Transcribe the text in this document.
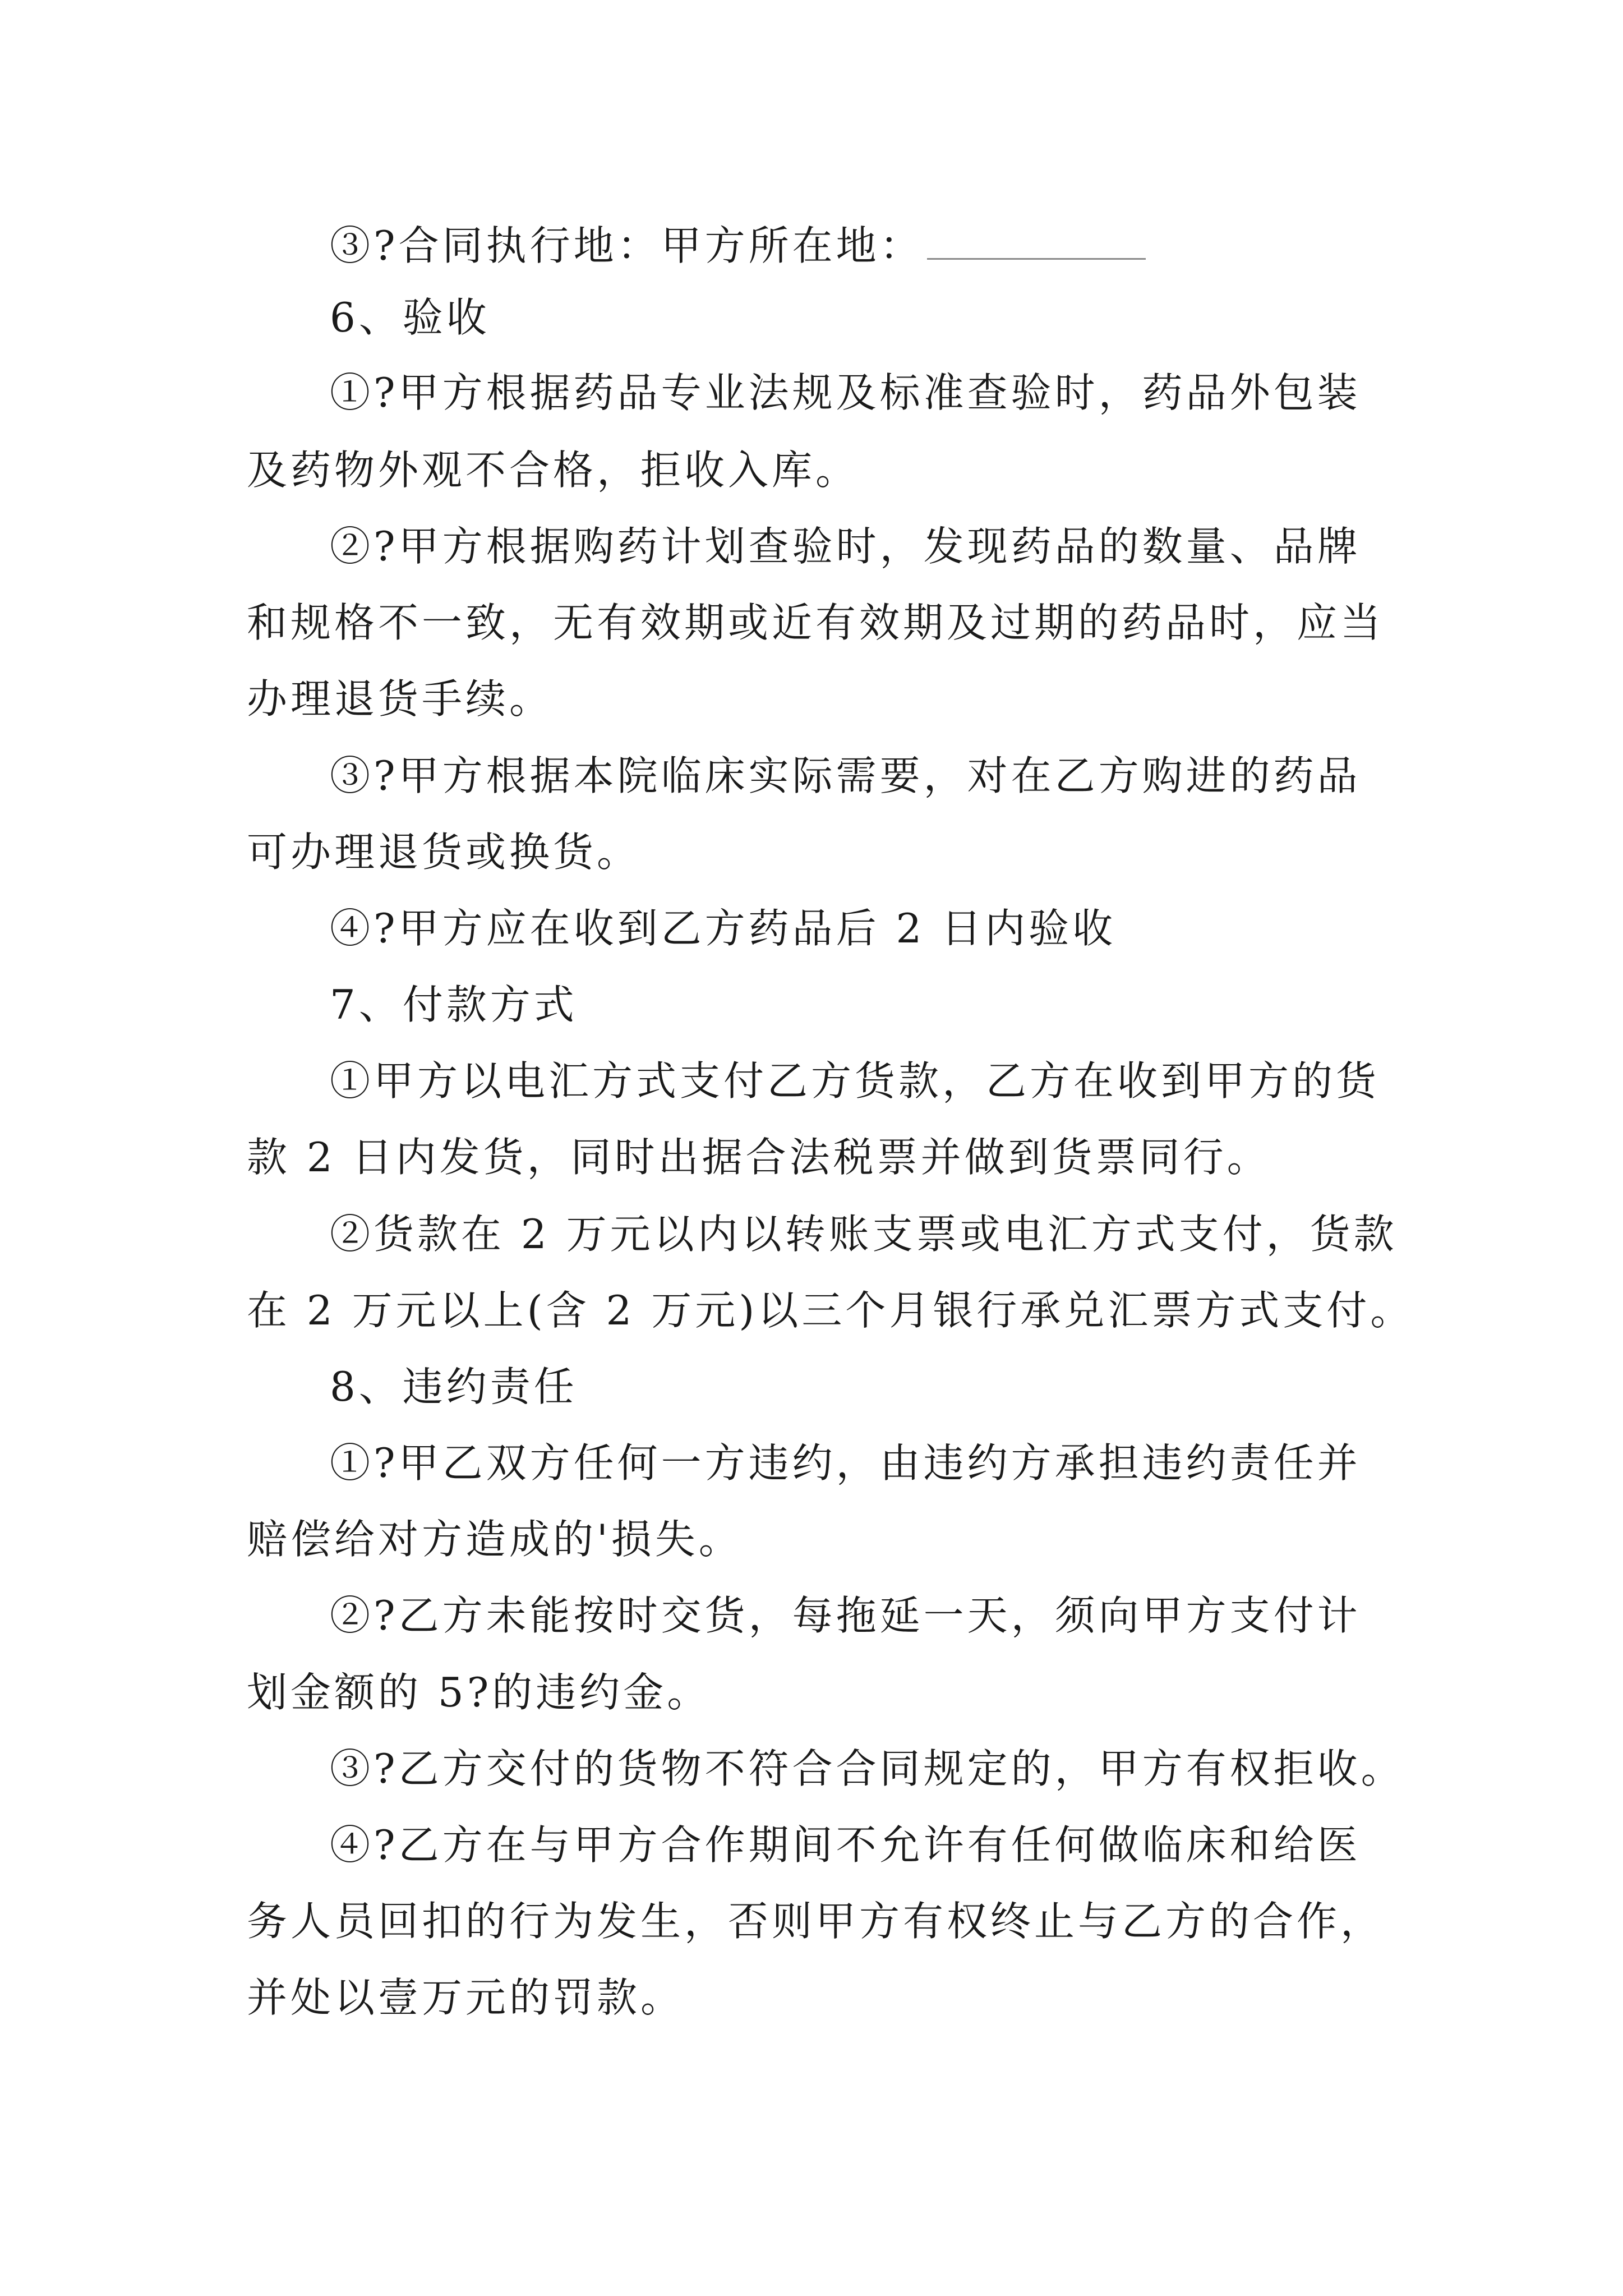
③?合同执行地：甲方所在地：
6、验收
①?甲方根据药品专业法规及标准查验时，药品外包装
及药物外观不合格，拒收入库。
②?甲方根据购药计划查验时，发现药品的数量、品牌
和规格不一致，无有效期或近有效期及过期的药品时，应当
办理退货手续。
③?甲方根据本院临床实际需要，对在乙方购进的药品
可办理退货或换货。
④?甲方应在收到乙方药品后 2 日内验收
7、付款方式
①甲方以电汇方式支付乙方货款，乙方在收到甲方的货
款 2 日内发货，同时出据合法税票并做到货票同行。
②货款在 2 万元以内以转账支票或电汇方式支付，货款
在 2 万元以上(含 2 万元)以三个月银行承兑汇票方式支付。
8、违约责任
①?甲乙双方任何一方违约，由违约方承担违约责任并
赔偿给对方造成的'损失。
②?乙方未能按时交货，每拖延一天，须向甲方支付计
划金额的 5?的违约金。
③?乙方交付的货物不符合合同规定的，甲方有权拒收。
④?乙方在与甲方合作期间不允许有任何做临床和给医
务人员回扣的行为发生，否则甲方有权终止与乙方的合作，
并处以壹万元的罚款。
